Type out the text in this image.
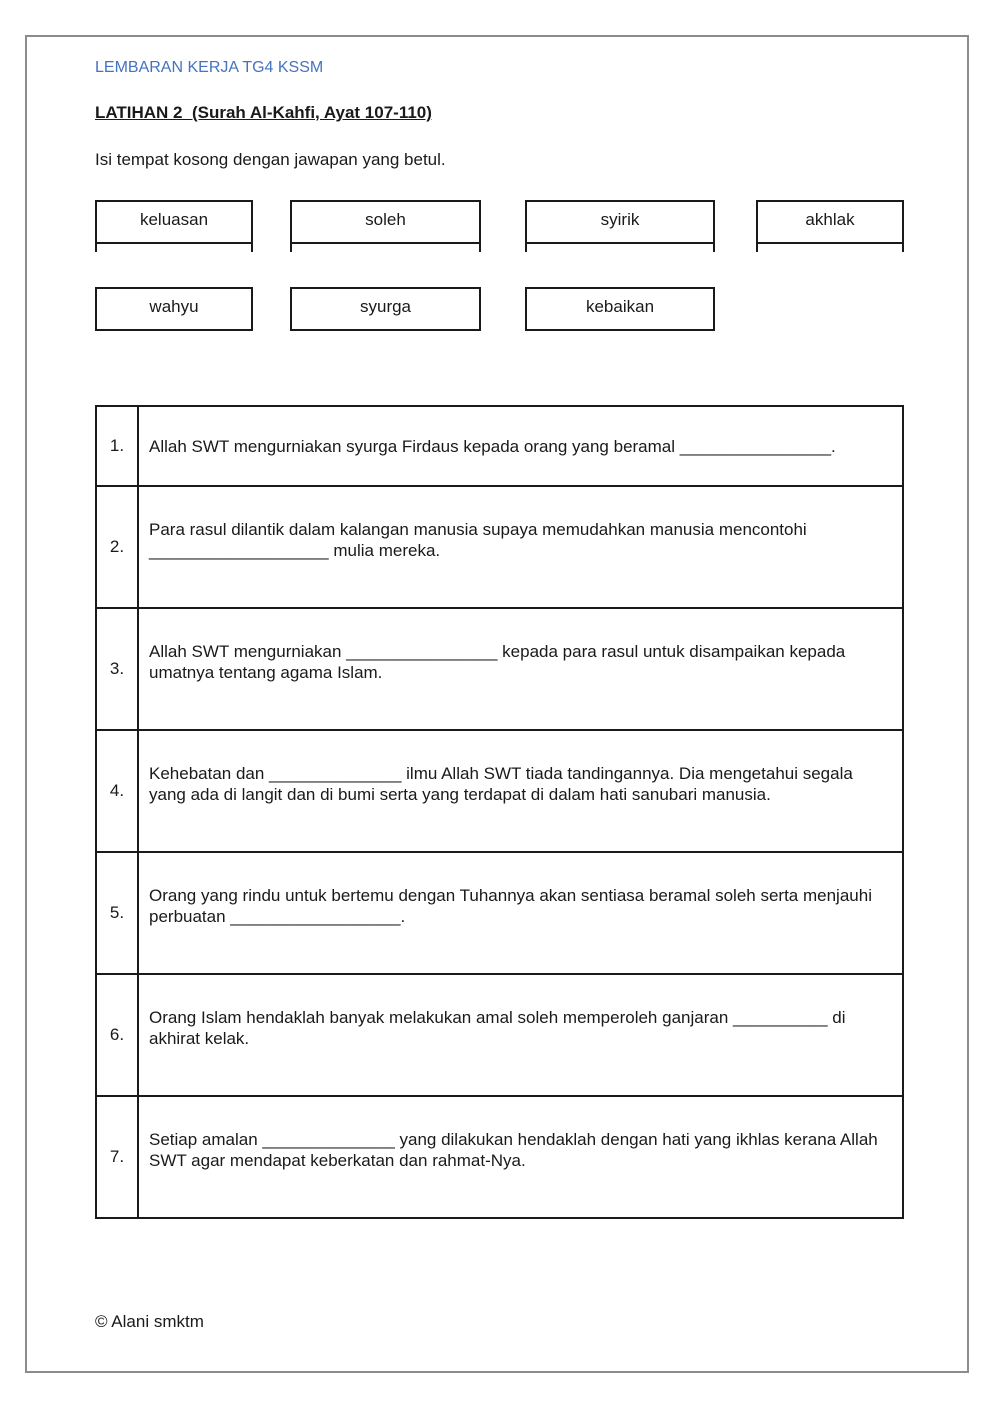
LEMBARAN KERJA TG4 KSSM
LATIHAN 2  (Surah Al-Kahfi, Ayat 107-110)
Isi tempat kosong dengan jawapan yang betul.
keluasan	soleh	syirik	akhlak
wahyu	syurga	kebaikan
1.	Allah SWT mengurniakan syurga Firdaus kepada orang yang beramal ________________.
2.	Para rasul dilantik dalam kalangan manusia supaya memudahkan manusia mencontohi ___________________ mulia mereka.
3.	Allah SWT mengurniakan ________________ kepada para rasul untuk disampaikan kepada umatnya tentang agama Islam.
4.	Kehebatan dan ______________ ilmu Allah SWT tiada tandingannya. Dia mengetahui segala yang ada di langit dan di bumi serta yang terdapat di dalam hati sanubari manusia.
5.	Orang yang rindu untuk bertemu dengan Tuhannya akan sentiasa beramal soleh serta menjauhi perbuatan __________________.
6.	Orang Islam hendaklah banyak melakukan amal soleh memperoleh ganjaran __________ di akhirat kelak.
7.	Setiap amalan ______________ yang dilakukan hendaklah dengan hati yang ikhlas kerana Allah SWT agar mendapat keberkatan dan rahmat-Nya.
© Alani smktm
